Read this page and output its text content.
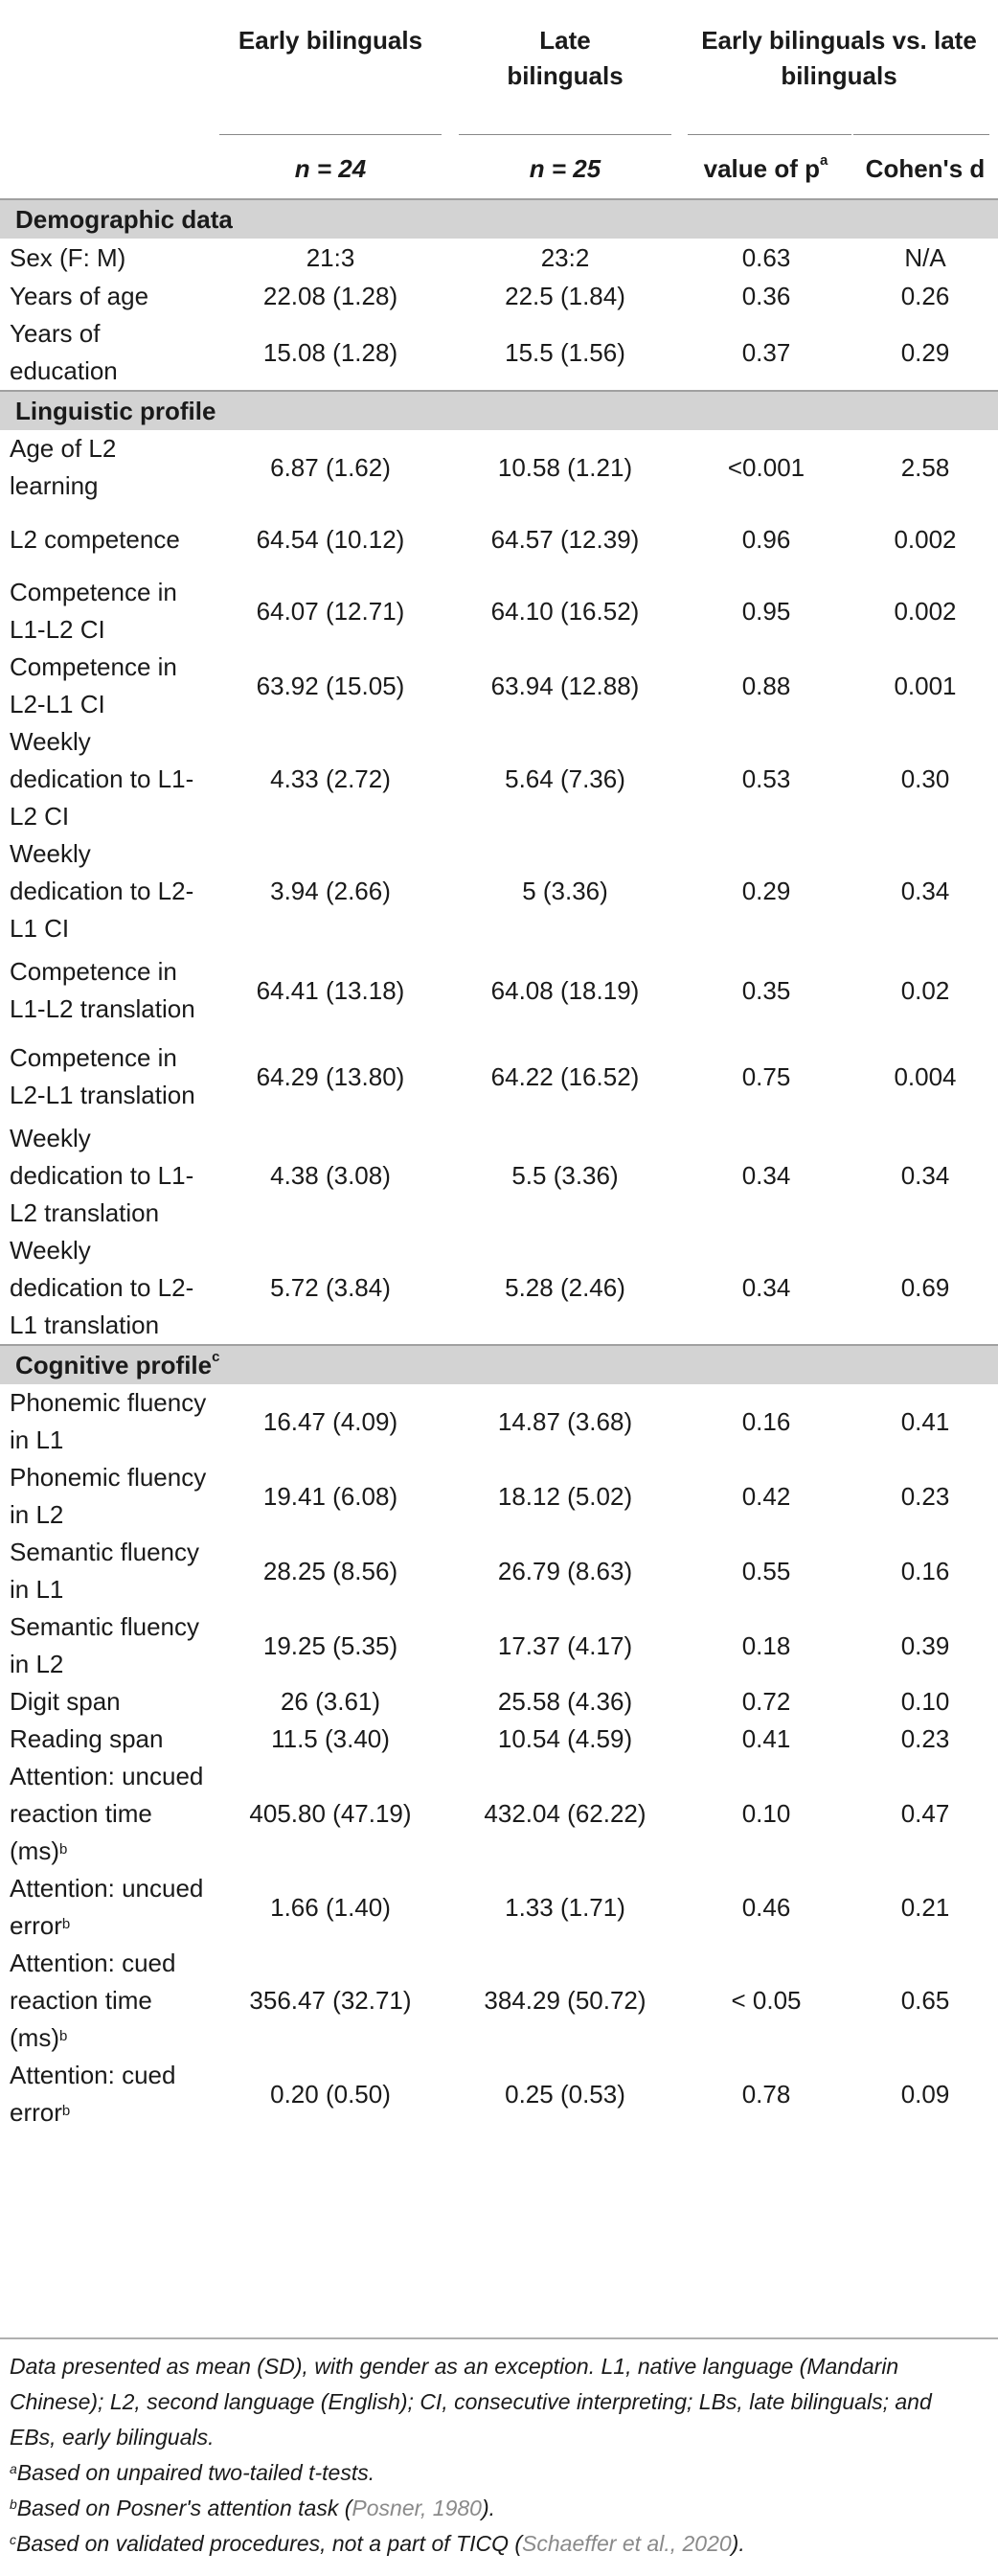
	Early bilinguals	Late bilinguals	Early bilinguals vs. late bilinguals	

	n = 24	n = 25	value of $p^a$	Cohen's d

Demographic data				
Sex (F: M)	21:3	23:2	0.63	N/A
Years of age	22.08 (1.28)	22.5 (1.84)	0.36	0.26
Years of education	15.08 (1.28)	15.5 (1.56)	0.37	0.29
Linguistic profile				
Age of L2 learning	6.87 (1.62)	10.58 (1.21)	<0.001	2.58
L2 competence	64.54 (10.12)	64.57 (12.39)	0.96	0.002
Competence in L1-L2 CI	64.07 (12.71)	64.10 (16.52)	0.95	0.002
Competence in L2-L1 CI	63.92 (15.05)	63.94 (12.88)	0.88	0.001
Weekly dedication to L1-L2 CI	4.33 (2.72)	5.64 (7.36)	0.53	0.30
Weekly dedication to L2-L1 CI	3.94 (2.66)	5 (3.36)	0.29	0.34
Competence in L1-L2 translation	64.41 (13.18)	64.08 (18.19)	0.35	0.02
Competence in L2-L1 translation	64.29 (13.80)	64.22 (16.52)	0.75	0.004
Weekly dedication to L1-L2 translation	4.38 (3.08)	5.5 (3.36)	0.34	0.34
Weekly dedication to L2-L1 translation	5.72 (3.84)	5.28 (2.46)	0.34	0.69
Cognitive profile$^c$
Phonemic fluency in L1	16.47 (4.09)	14.87 (3.68)	0.16	0.41
Phonemic fluency in L2	19.41 (6.08)	18.12 (5.02)	0.42	0.23
Semantic fluency in L1	28.25 (8.56)	26.79 (8.63)	0.55	0.16
Semantic fluency in L2	19.25 (5.35)	17.37 (4.17)	0.18	0.39
Digit span	26 (3.61)	25.58 (4.36)	0.72	0.10
Reading span	11.5 (3.40)	10.54 (4.59)	0.41	0.23
Attention: uncued reaction time (ms)$^b$	405.80 (47.19)	432.04 (62.22)	0.10	0.47
Attention: uncued error$^b$	1.66 (1.40)	1.33 (1.71)	0.46	0.21
Attention: cued reaction time (ms)$^b$	356.47 (32.71)	384.29 (50.72)	< 0.05	0.65
Attention: cued error$^b$	0.20 (0.50)	0.25 (0.53)	0.78	0.09

Data presented as mean (SD), with gender as an exception. L1, native language (Mandarin Chinese); L2, second language (English); CI, consecutive interpreting; LBs, late bilinguals; and EBs, early bilinguals.

$^a$Based on unpaired two-tailed t-tests.

$^b$Based on Posner's attention task (Posner, 1980).

$^c$Based on validated procedures, not a part of TICQ (Schaeffer et al., 2020).
